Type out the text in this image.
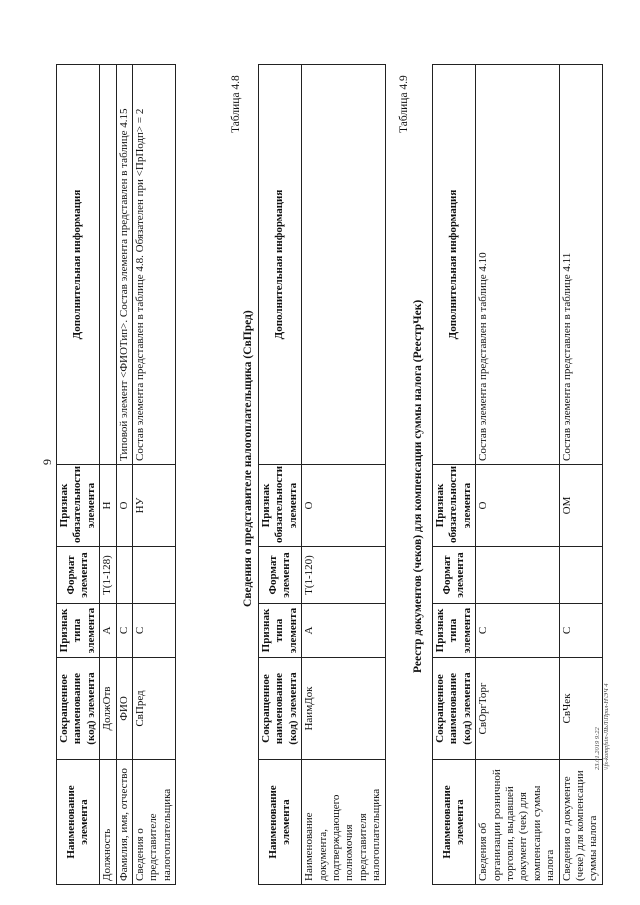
9
Наименование элемента	Сокращенное наименование (код) элемента	Признак типа элемента	Формат элемента	Признак обязательности элемента	Дополнительная информация
Должность	ДолжОтв	А	T(1-128)	Н	
Фамилия, имя, отчество	ФИО	С		О	Типовой элемент <ФИОТип>. Состав элемента представлен в таблице 4.15
Сведения о представителе налогоплательщика	СвПред	С		НУ	Состав элемента представлен в таблице 4.8. Обязателен при <ПрПодп> = 2
Таблица 4.8
Сведения о представителе налогоплательщика (СвПред)
Наименование элемента	Сокращенное наименование (код) элемента	Признак типа элемента	Формат элемента	Признак обязательности элемента	Дополнительная информация
Наименование документа, подтверждающего полномочия представителя налогоплательщика	НаимДок	А	T(1-120)	О	
Таблица 4.9
Реестр документов (чеков) для компенсации суммы налога (РеестрЧек)
Наименование элемента	Сокращенное наименование (код) элемента	Признак типа элемента	Формат элемента	Признак обязательности элемента	Дополнительная информация
Сведения об организации розничной торговли, выдавшей документ (чек) для компенсации суммы налога	СвОргТорг	С		О	Состав элемента представлен в таблице 4.10
Сведения о документе (чеке) для компенсации суммы налога	СвЧек	С		ОМ	Состав элемента представлен в таблице 4.11
23.01.2019 9:22 \\fs-kompfsin-ЛЬЛ\Прил-Н\ЭЧ 4
